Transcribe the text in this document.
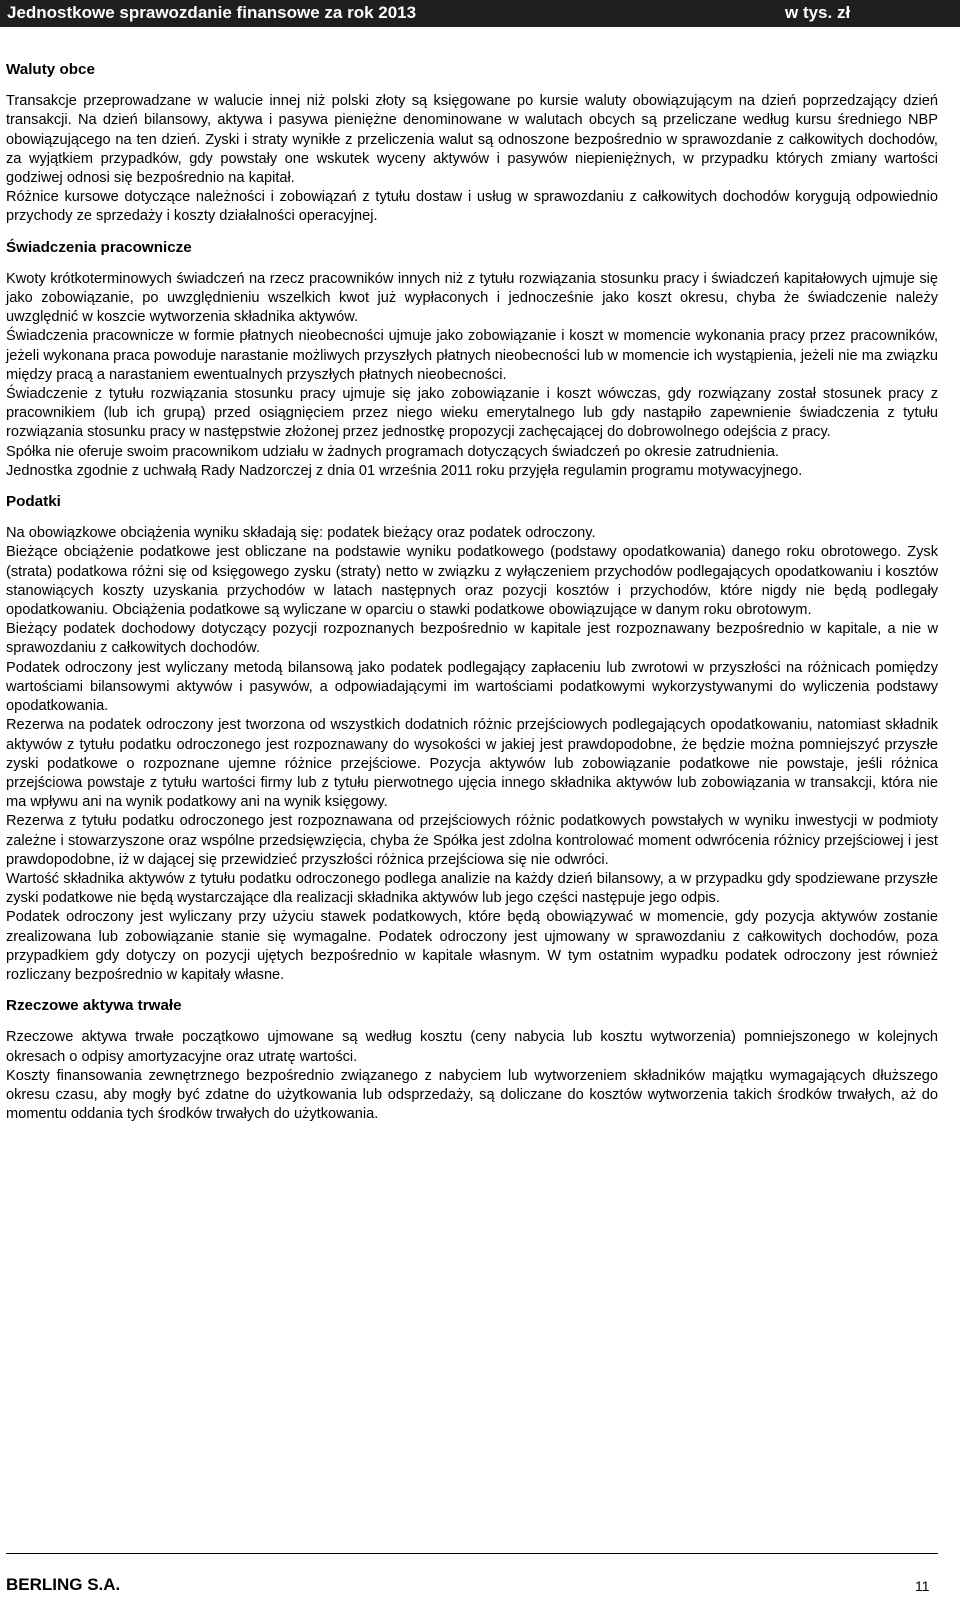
Jednostkowe sprawozdanie finansowe za rok 2013	w tys. zł
Waluty obce

Transakcje przeprowadzane w walucie innej niż polski złoty są księgowane po kursie waluty obowiązującym na dzień poprzedzający dzień transakcji. Na dzień bilansowy, aktywa i pasywa pieniężne denominowane w walutach obcych są przeliczane według kursu średniego NBP obowiązującego na ten dzień. Zyski i straty wynikłe z przeliczenia walut są odnoszone bezpośrednio w sprawozdanie z całkowitych dochodów, za wyjątkiem przypadków, gdy powstały one wskutek wyceny aktywów i pasywów niepieniężnych, w przypadku których zmiany wartości godziwej odnosi się bezpośrednio na kapitał.

Różnice kursowe dotyczące należności i zobowiązań z tytułu dostaw i usług w sprawozdaniu z całkowitych dochodów korygują odpowiednio przychody ze sprzedaży i koszty działalności operacyjnej.

Świadczenia pracownicze

Kwoty krótkoterminowych świadczeń na rzecz pracowników innych niż z tytułu rozwiązania stosunku pracy i świadczeń kapitałowych ujmuje się jako zobowiązanie, po uwzględnieniu wszelkich kwot już wypłaconych i jednocześnie jako koszt okresu, chyba że świadczenie należy uwzględnić w koszcie wytworzenia składnika aktywów.

Świadczenia pracownicze w formie płatnych nieobecności ujmuje jako zobowiązanie i koszt w momencie wykonania pracy przez pracowników, jeżeli wykonana praca powoduje narastanie możliwych przyszłych płatnych nieobecności lub w momencie ich wystąpienia, jeżeli nie ma związku między pracą a narastaniem ewentualnych przyszłych płatnych nieobecności.

Świadczenie z tytułu rozwiązania stosunku pracy ujmuje się jako zobowiązanie i koszt wówczas, gdy rozwiązany został stosunek pracy z pracownikiem (lub ich grupą) przed osiągnięciem przez niego wieku emerytalnego lub gdy nastąpiło zapewnienie świadczenia z tytułu rozwiązania stosunku pracy w następstwie złożonej przez jednostkę propozycji zachęcającej do dobrowolnego odejścia z pracy.

Spółka nie oferuje swoim pracownikom udziału w żadnych programach dotyczących świadczeń po okresie zatrudnienia.

Jednostka zgodnie z uchwałą Rady Nadzorczej z dnia 01 września 2011 roku przyjęła regulamin programu motywacyjnego.

Podatki

Na obowiązkowe obciążenia wyniku składają się: podatek bieżący oraz podatek odroczony.

Bieżące obciążenie podatkowe jest obliczane na podstawie wyniku podatkowego (podstawy opodatkowania) danego roku obrotowego. Zysk (strata) podatkowa różni się od księgowego zysku (straty) netto w związku z wyłączeniem przychodów podlegających opodatkowaniu i kosztów stanowiących koszty uzyskania przychodów w latach następnych oraz pozycji kosztów i przychodów, które nigdy nie będą podlegały opodatkowaniu. Obciążenia podatkowe są wyliczane w oparciu o stawki podatkowe obowiązujące w danym roku obrotowym.

Bieżący podatek dochodowy dotyczący pozycji rozpoznanych bezpośrednio w kapitale jest rozpoznawany bezpośrednio w kapitale, a nie w sprawozdaniu z całkowitych dochodów.

Podatek odroczony jest wyliczany metodą bilansową jako podatek podlegający zapłaceniu lub zwrotowi w przyszłości na różnicach pomiędzy wartościami bilansowymi aktywów i pasywów, a odpowiadającymi im wartościami podatkowymi wykorzystywanymi do wyliczenia podstawy opodatkowania.

Rezerwa na podatek odroczony jest tworzona od wszystkich dodatnich różnic przejściowych podlegających opodatkowaniu, natomiast składnik aktywów z tytułu podatku odroczonego jest rozpoznawany do wysokości w jakiej jest prawdopodobne, że będzie można pomniejszyć przyszłe zyski podatkowe o rozpoznane ujemne różnice przejściowe. Pozycja aktywów lub zobowiązanie podatkowe nie powstaje, jeśli różnica przejściowa powstaje z tytułu wartości firmy lub z tytułu pierwotnego ujęcia innego składnika aktywów lub zobowiązania w transakcji, która nie ma wpływu ani na wynik podatkowy ani na wynik księgowy.

Rezerwa z tytułu podatku odroczonego jest rozpoznawana od przejściowych różnic podatkowych powstałych w wyniku inwestycji w podmioty zależne i stowarzyszone oraz wspólne przedsięwzięcia, chyba że Spółka jest zdolna kontrolować moment odwrócenia różnicy przejściowej i jest prawdopodobne, iż w dającej się przewidzieć przyszłości różnica przejściowa się nie odwróci.

Wartość składnika aktywów z tytułu podatku odroczonego podlega analizie na każdy dzień bilansowy, a w przypadku gdy spodziewane przyszłe zyski podatkowe nie będą wystarczające dla realizacji składnika aktywów lub jego części następuje jego odpis.

Podatek odroczony jest wyliczany przy użyciu stawek podatkowych, które będą obowiązywać w momencie, gdy pozycja aktywów zostanie zrealizowana lub zobowiązanie stanie się wymagalne. Podatek odroczony jest ujmowany w sprawozdaniu z całkowitych dochodów, poza przypadkiem gdy dotyczy on pozycji ujętych bezpośrednio w kapitale własnym. W tym ostatnim wypadku podatek odroczony jest również rozliczany bezpośrednio w kapitały własne.

Rzeczowe aktywa trwałe

Rzeczowe aktywa trwałe początkowo ujmowane są według kosztu (ceny nabycia lub kosztu wytworzenia) pomniejszonego w kolejnych okresach o odpisy amortyzacyjne oraz utratę wartości.

Koszty finansowania zewnętrznego bezpośrednio związanego z nabyciem lub wytworzeniem składników majątku wymagających dłuższego okresu czasu, aby mogły być zdatne do użytkowania lub odsprzedaży, są doliczane do kosztów wytworzenia takich środków trwałych, aż do momentu oddania tych środków trwałych do użytkowania.

BERLING S.A.	11
